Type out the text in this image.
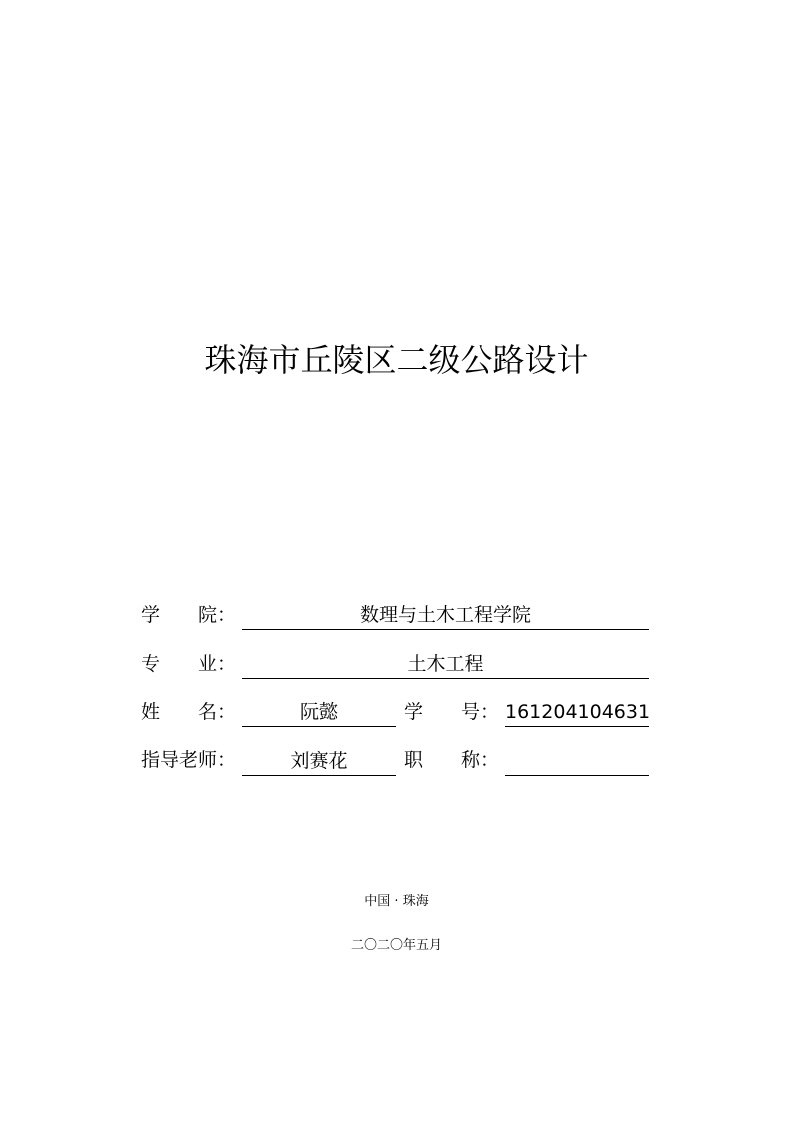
珠海市丘陵区二级公路设计
学　　院：	数理与土木工程学院
专　　业：	土木工程
姓　　名：	阮懿	学　　号： 161204104631
指导老师：	刘赛花	职　　称：
中国 · 珠海
二〇二〇年五月
